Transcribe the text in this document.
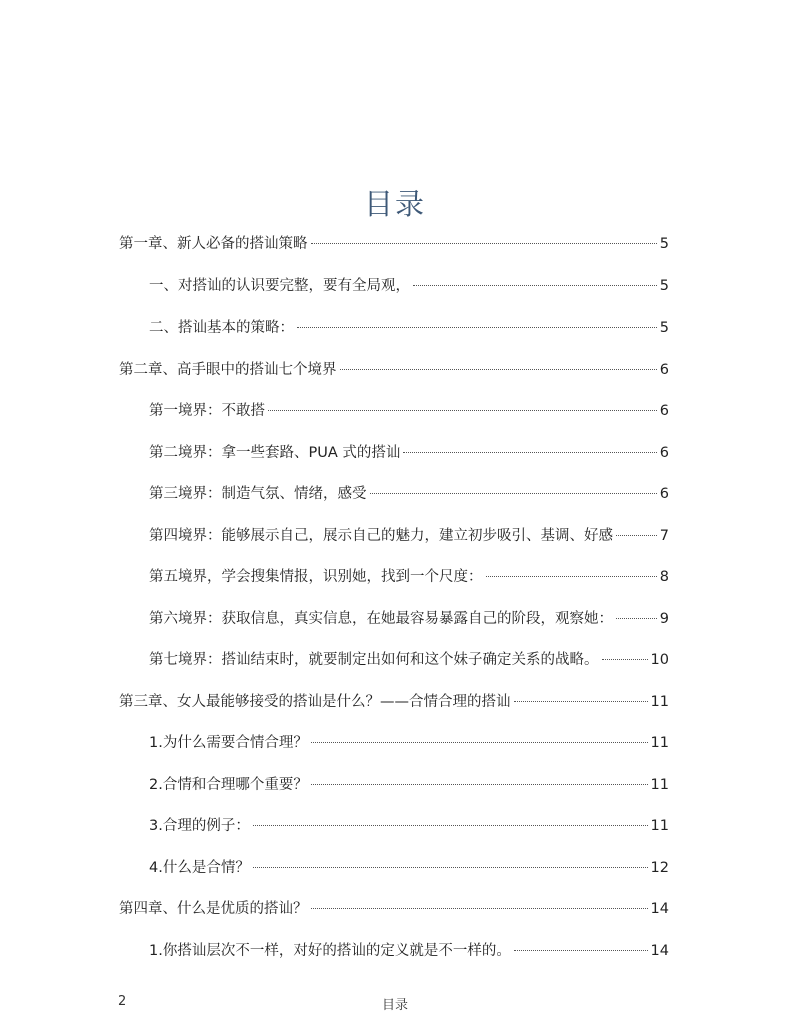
目录
第一章、新人必备的搭讪策略	5
一、对搭讪的认识要完整，要有全局观，	5
二、搭讪基本的策略：	5
第二章、高手眼中的搭讪七个境界	6
第一境界：不敢搭	6
第二境界：拿一些套路、PUA 式的搭讪	6
第三境界：制造气氛、情绪，感受	6
第四境界：能够展示自己，展示自己的魅力，建立初步吸引、基调、好感	7
第五境界，学会搜集情报，识别她，找到一个尺度：	8
第六境界：获取信息，真实信息，在她最容易暴露自己的阶段，观察她：	9
第七境界：搭讪结束时，就要制定出如何和这个妹子确定关系的战略。	10
第三章、女人最能够接受的搭讪是什么？——合情合理的搭讪	11
1.为什么需要合情合理？	11
2.合情和合理哪个重要？	11
3.合理的例子：	11
4.什么是合情？	12
第四章、什么是优质的搭讪？	14
1.你搭讪层次不一样，对好的搭讪的定义就是不一样的。	14
2	目录
